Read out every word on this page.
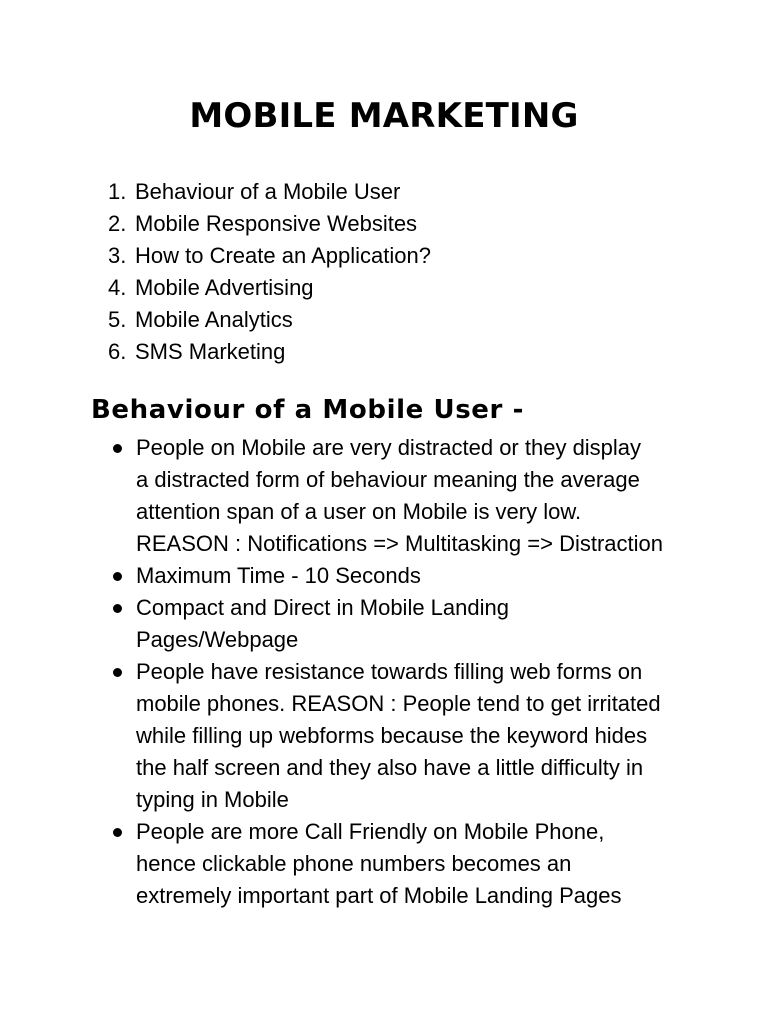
MOBILE MARKETING
1. Behaviour of a Mobile User
2. Mobile Responsive Websites
3. How to Create an Application?
4. Mobile Advertising
5. Mobile Analytics
6. SMS Marketing
Behaviour of a Mobile User -
People on Mobile are very distracted or they display
a distracted form of behaviour meaning the average
attention span of a user on Mobile is very low.
REASON : Notifications => Multitasking => Distraction
Maximum Time - 10 Seconds
Compact and Direct in Mobile Landing
Pages/Webpage
People have resistance towards filling web forms on
mobile phones. REASON : People tend to get irritated
while filling up webforms because the keyword hides
the half screen and they also have a little difficulty in
typing in Mobile
People are more Call Friendly on Mobile Phone,
hence clickable phone numbers becomes an
extremely important part of Mobile Landing Pages
